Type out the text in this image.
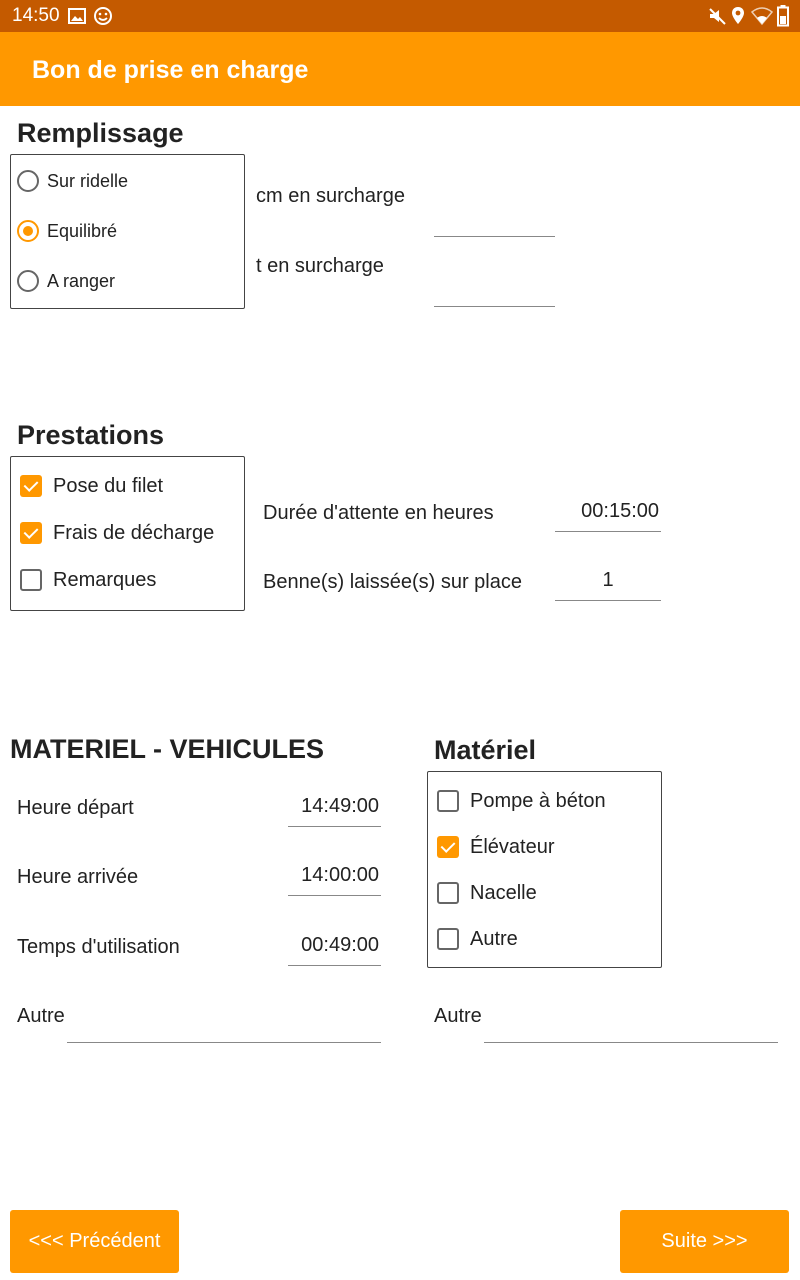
14:50
Bon de prise en charge
Remplissage
Sur ridelle
Equilibré
A ranger
cm en surcharge
t en surcharge
Prestations
Pose du filet
Frais de décharge
Remarques
Durée d'attente en heures	00:15:00
Benne(s) laissée(s) sur place	1
MATERIEL - VEHICULES
Heure départ	14:49:00
Heure arrivée	14:00:00
Temps d'utilisation	00:49:00
Autre
Matériel
Pompe à béton
Élévateur
Nacelle
Autre
Autre
<<< Précédent	Suite >>>
